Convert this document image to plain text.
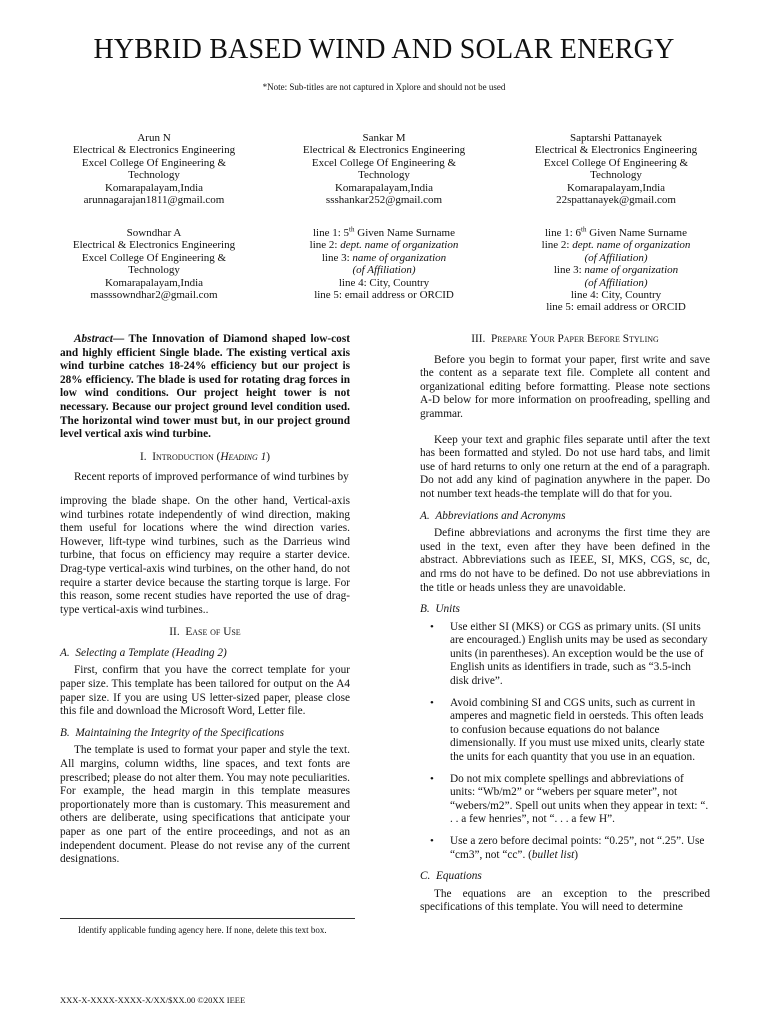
HYBRID BASED WIND AND SOLAR ENERGY
*Note: Sub-titles are not captured in Xplore and should not be used
Arun N
Electrical & Electronics Engineering
Excel College Of Engineering &
Technology
Komarapalayam,India
arunnagarajan1811@gmail.com
Sankar M
Electrical & Electronics Engineering
Excel College Of Engineering &
Technology
Komarapalayam,India
ssshankar252@gmail.com
Saptarshi Pattanayek
Electrical & Electronics Engineering
Excel College Of Engineering &
Technology
Komarapalayam,India
22spattanayek@gmail.com
Sowndhar A
Electrical & Electronics Engineering
Excel College Of Engineering &
Technology
Komarapalayam,India
masssowndhar2@gmail.com
line 1: 5th Given Name Surname
line 2: dept. name of organization
line 3: name of organization
(of Affiliation)
line 4: City, Country
line 5: email address or ORCID
line 1: 6th Given Name Surname
line 2: dept. name of organization
(of Affiliation)
line 3: name of organization
(of Affiliation)
line 4: City, Country
line 5: email address or ORCID

Abstract— The Innovation of Diamond shaped low-cost and highly efficient Single blade. The existing vertical axis wind turbine catches 18-24% efficiency but our project is 28% efficiency. The blade is used for rotating drag forces in low wind conditions. Our project height tower is not necessary. Because our project ground level condition used. The horizontal wind tower must but, in our project ground level vertical axis wind turbine.

I. Introduction (Heading 1)

Recent reports of improved performance of wind turbines by

improving the blade shape. On the other hand, Vertical-axis wind turbines rotate independently of wind direction, making them useful for locations where the wind direction varies. However, lift-type wind turbines, such as the Darrieus wind turbine, that focus on efficiency may require a starter device. Drag-type vertical-axis wind turbines, on the other hand, do not require a starter device because the starting torque is large. For this reason, some recent studies have reported the use of drag-type vertical-axis wind turbines..

II. Ease of Use
A.  Selecting a Template (Heading 2)

First, confirm that you have the correct template for your paper size. This template has been tailored for output on the A4 paper size. If you are using US letter-sized paper, please close this file and download the Microsoft Word, Letter file.

B.  Maintaining the Integrity of the Specifications

The template is used to format your paper and style the text. All margins, column widths, line spaces, and text fonts are prescribed; please do not alter them. You may note peculiarities. For example, the head margin in this template measures proportionately more than is customary. This measurement and others are deliberate, using specifications that anticipate your paper as one part of the entire proceedings, and not as an independent document. Please do not revise any of the current designations.

III. Prepare Your Paper Before Styling

Before you begin to format your paper, first write and save the content as a separate text file. Complete all content and organizational editing before formatting. Please note sections A-D below for more information on proofreading, spelling and grammar.

Keep your text and graphic files separate until after the text has been formatted and styled. Do not use hard tabs, and limit use of hard returns to only one return at the end of a paragraph. Do not add any kind of pagination anywhere in the paper. Do not number text heads-the template will do that for you.

A.  Abbreviations and Acronyms

Define abbreviations and acronyms the first time they are used in the text, even after they have been defined in the abstract. Abbreviations such as IEEE, SI, MKS, CGS, sc, dc, and rms do not have to be defined. Do not use abbreviations in the title or heads unless they are unavoidable.

B.  Units
• Use either SI (MKS) or CGS as primary units. (SI units are encouraged.) English units may be used as secondary units (in parentheses). An exception would be the use of English units as identifiers in trade, such as “3.5-inch disk drive”.
• Avoid combining SI and CGS units, such as current in amperes and magnetic field in oersteds. This often leads to confusion because equations do not balance dimensionally. If you must use mixed units, clearly state the units for each quantity that you use in an equation.
• Do not mix complete spellings and abbreviations of units: “Wb/m2” or “webers per square meter”, not “webers/m2”. Spell out units when they appear in text: “. . . a few henries”, not “. . . a few H”.
• Use a zero before decimal points: “0.25”, not “.25”. Use “cm3”, not “cc”. (bullet list)
C.  Equations

The equations are an exception to the prescribed specifications of this template. You will need to determine

Identify applicable funding agency here. If none, delete this text box.
XXX-X-XXXX-XXXX-X/XX/$XX.00 ©20XX IEEE
